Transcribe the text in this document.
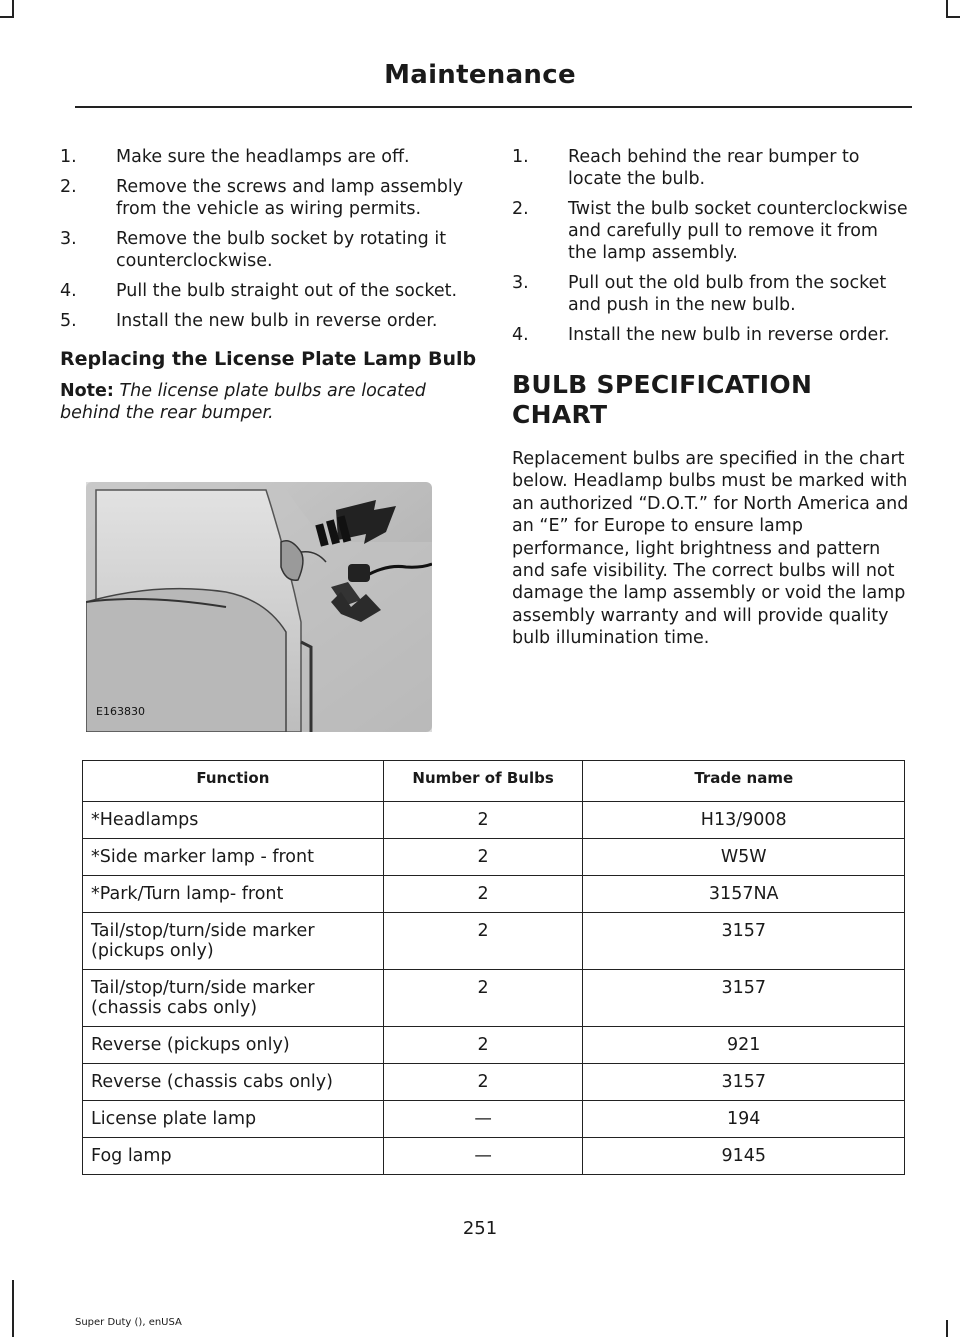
Maintenance
1. Make sure the headlamps are off.
2. Remove the screws and lamp assembly from the vehicle as wiring permits.
3. Remove the bulb socket by rotating it counterclockwise.
4. Pull the bulb straight out of the socket.
5. Install the new bulb in reverse order.
Replacing the License Plate Lamp Bulb
Note: The license plate bulbs are located behind the rear bumper.
E163830
1. Reach behind the rear bumper to locate the bulb.
2. Twist the bulb socket counterclockwise and carefully pull to remove it from the lamp assembly.
3. Pull out the old bulb from the socket and push in the new bulb.
4. Install the new bulb in reverse order.
BULB SPECIFICATION CHART
Replacement bulbs are specified in the chart below. Headlamp bulbs must be marked with an authorized “D.O.T.” for North America and an “E” for Europe to ensure lamp performance, light brightness and pattern and safe visibility. The correct bulbs will not damage the lamp assembly or void the lamp assembly warranty and will provide quality bulb illumination time.
Function	Number of Bulbs	Trade name
*Headlamps	2	H13/9008
*Side marker lamp - front	2	W5W
*Park/Turn lamp- front	2	3157NA
Tail/stop/turn/side marker (pickups only)	2	3157
Tail/stop/turn/side marker (chassis cabs only)	2	3157
Reverse (pickups only)	2	921
Reverse (chassis cabs only)	2	3157
License plate lamp	—	194
Fog lamp	—	9145
251
Super Duty (), enUSA
